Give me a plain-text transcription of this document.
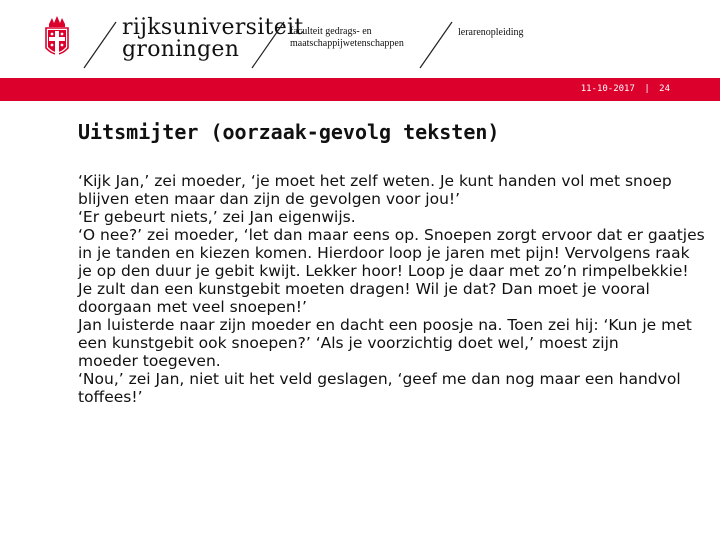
rijksuniversiteit
groningen
faculteit gedrags- en maatschappijwetenschappen
lerarenopleiding
11-10-2017 | 24
Uitsmijter (oorzaak-gevolg teksten)

‘Kijk Jan,’ zei moeder, ‘je moet het zelf weten. Je kunt handen vol met snoep blijven eten maar dan zijn de gevolgen voor jou!’

‘Er gebeurt niets,’ zei Jan eigenwijs.

‘O nee?’ zei moeder, ‘let dan maar eens op. Snoepen zorgt ervoor dat er gaatjes in je tanden en kiezen komen. Hierdoor loop je jaren met pijn! Vervolgens raak je op den duur je gebit kwijt. Lekker hoor! Loop je daar met zo’n rimpelbekkie! Je zult dan een kunstgebit moeten dragen! Wil je dat? Dan moet je vooral doorgaan met veel snoepen!’

Jan luisterde naar zijn moeder en dacht een poosje na. Toen zei hij: ‘Kun je met een kunstgebit ook snoepen?’ ‘Als je voorzichtig doet wel,’ moest zijn

moeder toegeven.

‘Nou,’ zei Jan, niet uit het veld geslagen, ‘geef me dan nog maar een handvol toffees!’
